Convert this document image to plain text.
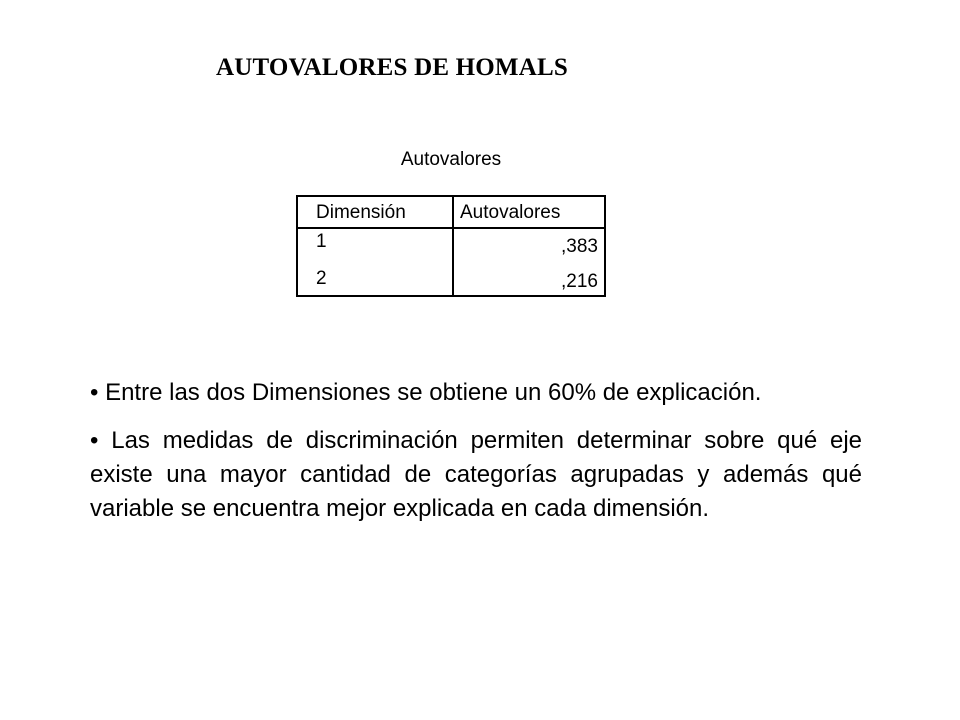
AUTOVALORES DE HOMALS
Autovalores
Dimensión	Autovalores
1	,383
2	,216

• Entre las dos Dimensiones se obtiene un 60% de explicación.

• Las medidas de discriminación permiten determinar sobre qué eje existe una mayor cantidad de categorías agrupadas y además qué variable se encuentra mejor explicada en cada dimensión.
